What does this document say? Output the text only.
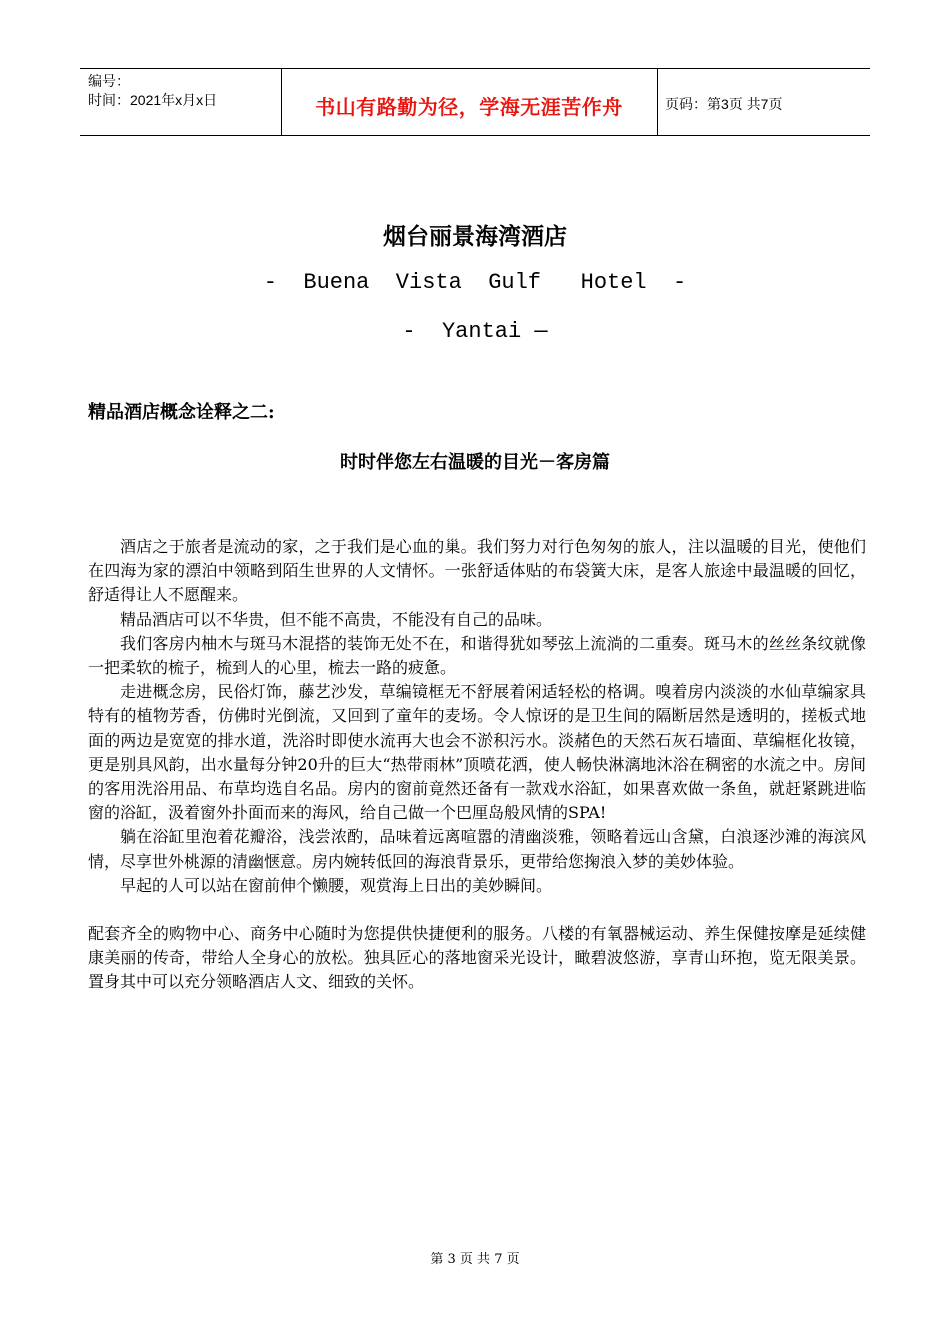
编号：
时间：2021年x月x日	书山有路勤为径，学海无涯苦作舟	页码：第3页 共7页
烟台丽景海湾酒店
-  Buena  Vista  Gulf   Hotel  -
-  Yantai —
精品酒店概念诠释之二:
时时伴您左右温暖的目光－客房篇

酒店之于旅者是流动的家，之于我们是心血的巢。我们努力对行色匆匆的旅人，注以温暖的目光，使他们在四海为家的漂泊中领略到陌生世界的人文情怀。一张舒适体贴的布袋簧大床，是客人旅途中最温暖的回忆，舒适得让人不愿醒来。

精品酒店可以不华贵，但不能不高贵，不能没有自己的品味。

我们客房内柚木与斑马木混搭的装饰无处不在，和谐得犹如琴弦上流淌的二重奏。斑马木的丝丝条纹就像一把柔软的梳子，梳到人的心里，梳去一路的疲惫。

走进概念房，民俗灯饰，藤艺沙发，草编镜框无不舒展着闲适轻松的格调。嗅着房内淡淡的水仙草编家具特有的植物芳香，仿佛时光倒流，又回到了童年的麦场。令人惊讶的是卫生间的隔断居然是透明的，搓板式地面的两边是宽宽的排水道，洗浴时即使水流再大也会不淤积污水。淡赭色的天然石灰石墙面、草编框化妆镜，更是别具风韵，出水量每分钟20升的巨大“热带雨林”顶喷花洒，使人畅快淋漓地沐浴在稠密的水流之中。房间的客用洗浴用品、布草均选自名品。房内的窗前竟然还备有一款戏水浴缸，如果喜欢做一条鱼，就赶紧跳进临窗的浴缸，汲着窗外扑面而来的海风，给自己做一个巴厘岛般风情的SPA!

躺在浴缸里泡着花瓣浴，浅尝浓酌，品味着远离喧嚣的清幽淡雅，领略着远山含黛，白浪逐沙滩的海滨风情，尽享世外桃源的清幽惬意。房内婉转低回的海浪背景乐，更带给您掬浪入梦的美妙体验。

早起的人可以站在窗前伸个懒腰，观赏海上日出的美妙瞬间。

配套齐全的购物中心、商务中心随时为您提供快捷便利的服务。八楼的有氧器械运动、养生保健按摩是延续健康美丽的传奇，带给人全身心的放松。独具匠心的落地窗采光设计，瞰碧波悠游，享青山环抱，览无限美景。置身其中可以充分领略酒店人文、细致的关怀。

第 3 页 共 7 页
